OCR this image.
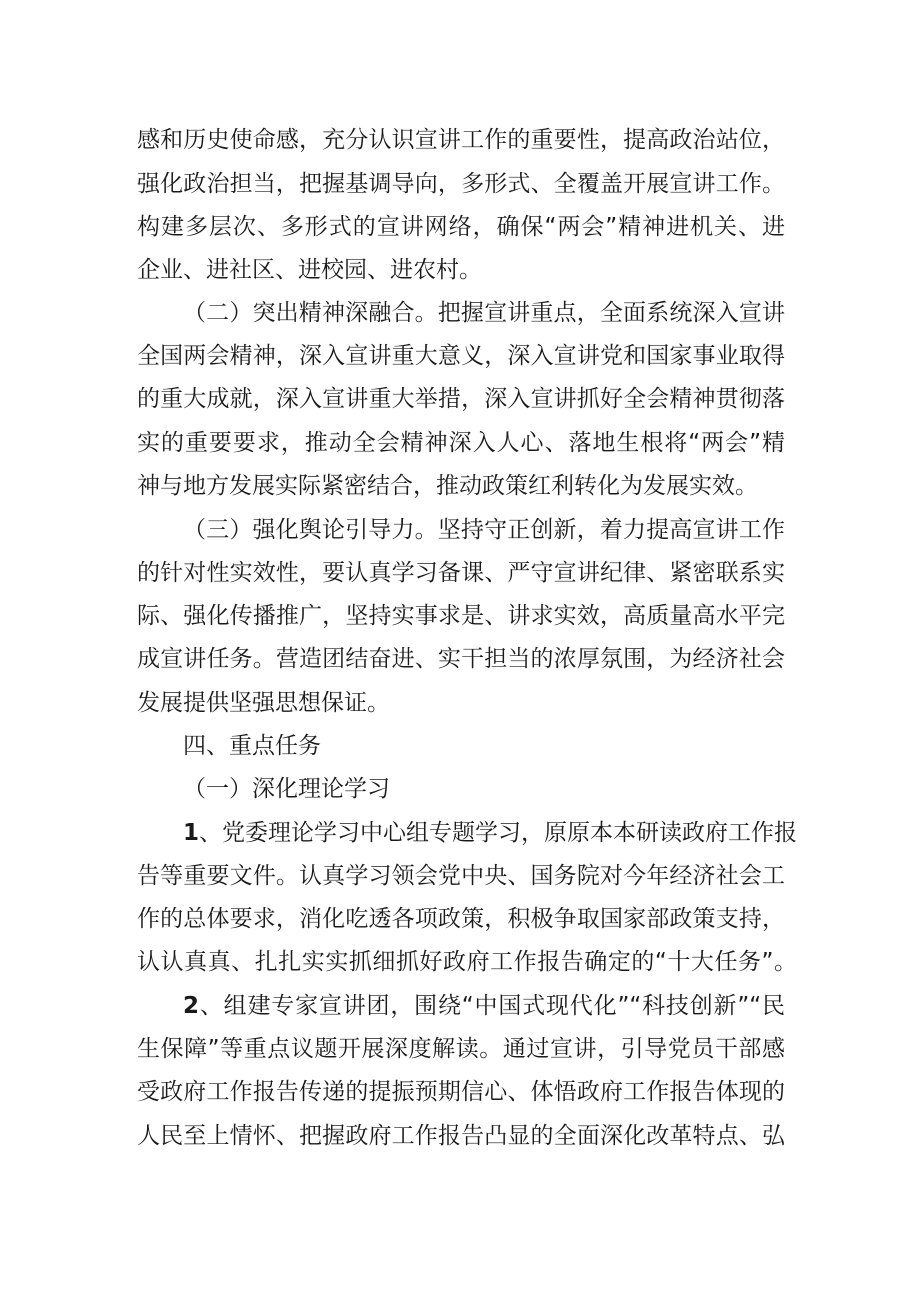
感和历史使命感，充分认识宣讲工作的重要性，提高政治站位，
强化政治担当，把握基调导向，多形式、全覆盖开展宣讲工作。
构建多层次、多形式的宣讲网络，确保“两会”精神进机关、进
企业、进社区、进校园、进农村。
（二）突出精神深融合。把握宣讲重点，全面系统深入宣讲
全国两会精神，深入宣讲重大意义，深入宣讲党和国家事业取得
的重大成就，深入宣讲重大举措，深入宣讲抓好全会精神贯彻落
实的重要要求，推动全会精神深入人心、落地生根将“两会”精
神与地方发展实际紧密结合，推动政策红利转化为发展实效。
（三）强化舆论引导力。坚持守正创新，着力提高宣讲工作
的针对性实效性，要认真学习备课、严守宣讲纪律、紧密联系实
际、强化传播推广，坚持实事求是、讲求实效，高质量高水平完
成宣讲任务。营造团结奋进、实干担当的浓厚氛围，为经济社会
发展提供坚强思想保证。
四、重点任务
（一）深化理论学习
1、党委理论学习中心组专题学习，原原本本研读政府工作报
告等重要文件。认真学习领会党中央、国务院对今年经济社会工
作的总体要求，消化吃透各项政策，积极争取国家部政策支持，
认认真真、扎扎实实抓细抓好政府工作报告确定的“十大任务”。
2、组建专家宣讲团，围绕“中国式现代化”“科技创新”“民
生保障”等重点议题开展深度解读。通过宣讲，引导党员干部感
受政府工作报告传递的提振预期信心、体悟政府工作报告体现的
人民至上情怀、把握政府工作报告凸显的全面深化改革特点、弘
